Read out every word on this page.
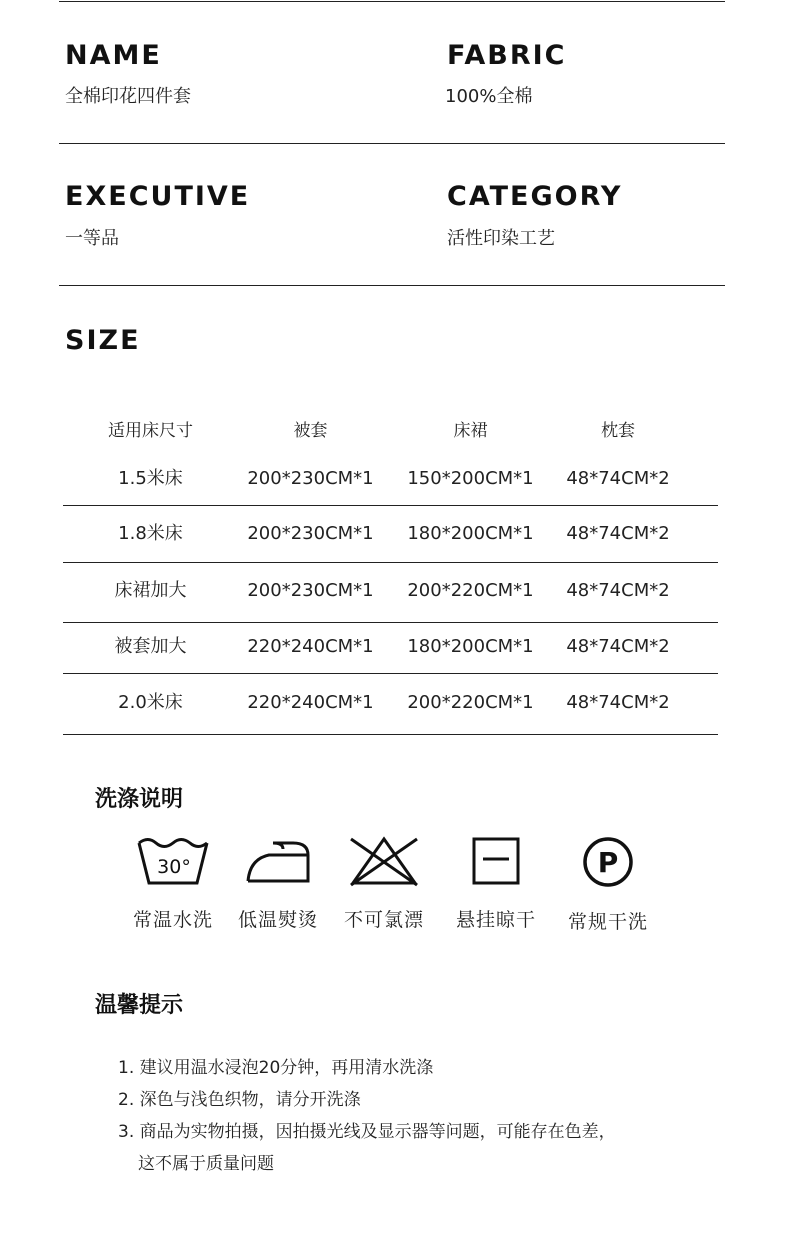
NAME
全棉印花四件套
FABRIC
100%全棉
EXECUTIVE
一等品
CATEGORY
活性印染工艺
SIZE
适用床尺寸	被套	床裙	枕套
1.5米床	200*230CM*1	150*200CM*1	48*74CM*2
1.8米床	200*230CM*1	180*200CM*1	48*74CM*2
床裙加大	200*230CM*1	200*220CM*1	48*74CM*2
被套加大	220*240CM*1	180*200CM*1	48*74CM*2
2.0米床	220*240CM*1	200*220CM*1	48*74CM*2
洗涤说明
30°
常温水洗	低温熨烫	不可氯漂	悬挂晾干
P
常规干洗
温馨提示
1. 建议用温水浸泡20分钟，再用清水洗涤
2. 深色与浅色织物，请分开洗涤
3. 商品为实物拍摄，因拍摄光线及显示器等问题，可能存在色差，
这不属于质量问题
